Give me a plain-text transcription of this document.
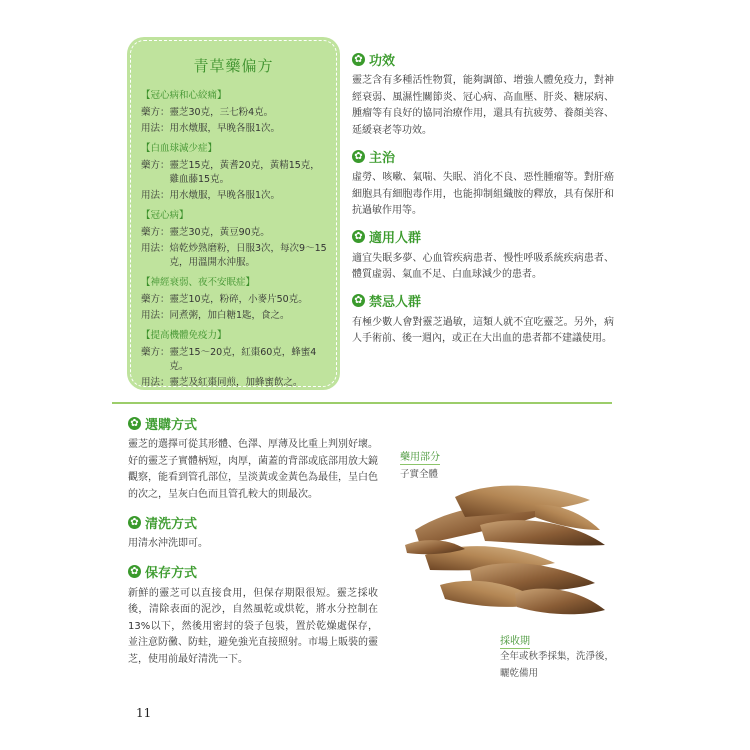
青草藥偏方
【冠心病和心絞痛】
藥方： 靈芝30克，三七粉4克。
用法： 用水燉服，早晚各服1次。
【白血球減少症】
藥方： 靈芝15克，黃耆20克，黃精15克，雞血藤15克。
用法： 用水燉服，早晚各服1次。
【冠心病】
藥方： 靈芝30克，黃豆90克。
用法： 焙乾炒熟磨粉，日服3次，每次9～15克，用溫開水沖服。
【神經衰弱、夜不安眠症】
藥方： 靈芝10克，粉碎，小麥片50克。
用法： 同煮粥，加白糖1匙，食之。
【提高機體免疫力】
藥方： 靈芝15～20克，紅棗60克，蜂蜜4克。
用法： 靈芝及紅棗同煎，加蜂蜜飲之。
✿ 功效
靈芝含有多種活性物質，能夠調節、增強人體免疫力，對神經衰弱、風濕性關節炎、冠心病、高血壓、肝炎、糖尿病、腫瘤等有良好的協同治療作用，還具有抗疲勞、養顏美容、延緩衰老等功效。
✿ 主治
虛勞、咳嗽、氣喘、失眠、消化不良、惡性腫瘤等。對肝癌細胞具有細胞毒作用，也能抑制組織胺的釋放，具有保肝和抗過敏作用等。
✿ 適用人群
適宜失眠多夢、心血管疾病患者、慢性呼吸系統疾病患者、體質虛弱、氣血不足、白血球減少的患者。
✿ 禁忌人群
有極少數人會對靈芝過敏，這類人就不宜吃靈芝。另外，病人手術前、後一週內，或正在大出血的患者都不建議使用。
✿ 選購方式
靈芝的選擇可從其形體、色澤、厚薄及比重上判別好壞。好的靈芝子實體柄短，肉厚，菌蓋的背部或底部用放大鏡觀察，能看到管孔部位，呈淡黃或金黃色為最佳，呈白色的次之，呈灰白色而且管孔較大的則最次。
✿ 清洗方式
用清水沖洗即可。
✿ 保存方式
新鮮的靈芝可以直接食用，但保存期限很短。靈芝採收後，清除表面的泥沙，自然風乾或烘乾，將水分控制在13%以下，然後用密封的袋子包裝，置於乾燥處保存，並注意防黴、防蛀，避免強光直接照射。市場上販裝的靈芝，使用前最好清洗一下。
藥用部分
子實全體
採收期
全年或秋季採集，洗淨後，曬乾備用
11
